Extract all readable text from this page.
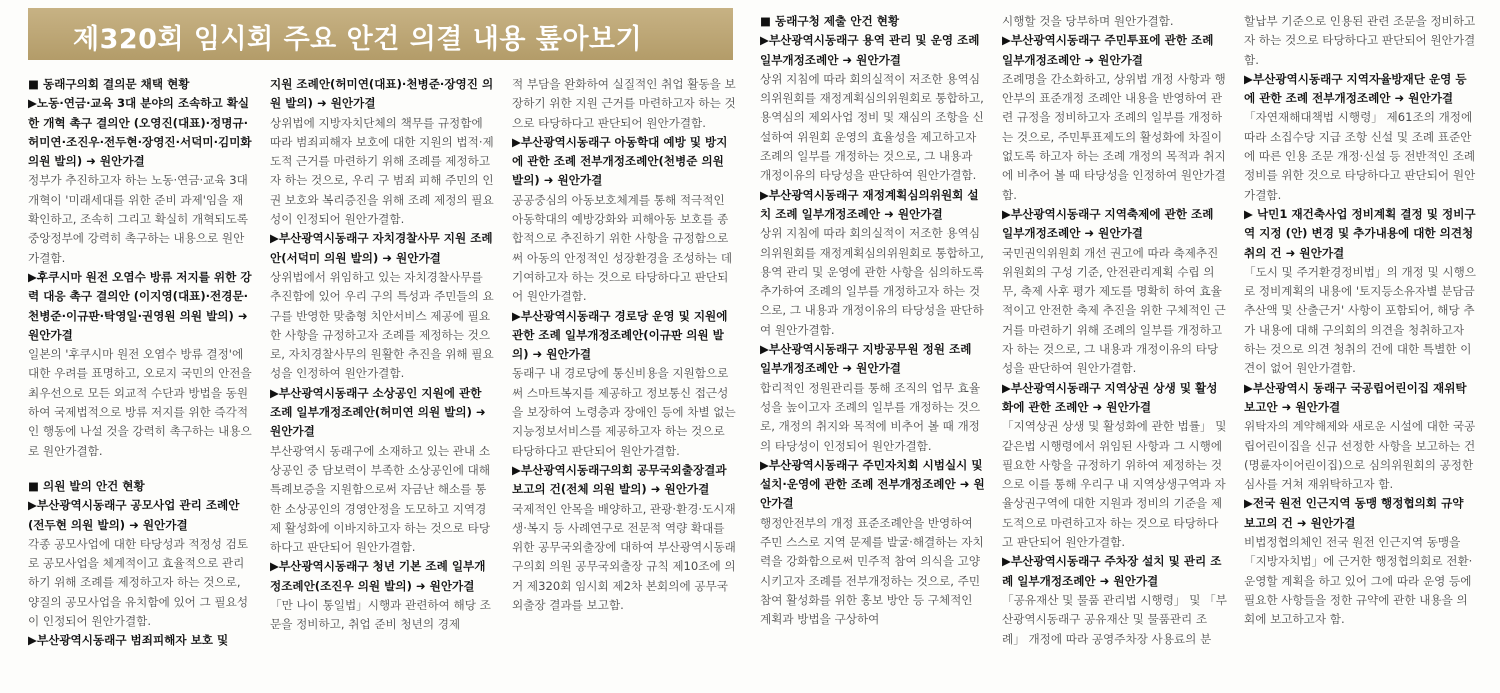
제320회 임시회 주요 안건 의결 내용 톺아보기

■ 동래구의회 결의문 채택 현황

▶노동·연금·교육 3대 분야의 조속하고 확실한 개혁 촉구 결의안 (오영진(대표)·정명규·허미연·조진우·전두현·장영진·서덕미·김미화 의원 발의) ➜ 원안가결

정부가 추진하고자 하는 노동·연금·교육 3대 개혁이 '미래세대를 위한 준비 과제'임을 재확인하고, 조속히 그리고 확실히 개혁되도록 중앙정부에 강력히 촉구하는 내용으로 원안가결함.

▶후쿠시마 원전 오염수 방류 저지를 위한 강력 대응 촉구 결의안 (이지영(대표)·전경문·천병준·이규판·탁영일·권영원 의원 발의) ➜ 원안가결

일본의 '후쿠시마 원전 오염수 방류 결정'에 대한 우려를 표명하고, 오로지 국민의 안전을 최우선으로 모든 외교적 수단과 방법을 동원하여 국제법적으로 방류 저지를 위한 즉각적인 행동에 나설 것을 강력히 촉구하는 내용으로 원안가결함.

■ 의원 발의 안건 현황

▶부산광역시동래구 공모사업 관리 조례안(전두현 의원 발의) ➜ 원안가결

각종 공모사업에 대한 타당성과 적정성 검토로 공모사업을 체계적이고 효율적으로 관리하기 위해 조례를 제정하고자 하는 것으로, 양질의 공모사업을 유치함에 있어 그 필요성이 인정되어 원안가결함.

▶부산광역시동래구 범죄피해자 보호 및

지원 조례안(허미연(대표)·천병준·장영진 의원 발의) ➜ 원안가결

상위법에 지방자치단체의 책무를 규정함에 따라 범죄피해자 보호에 대한 지원의 법적·제도적 근거를 마련하기 위해 조례를 제정하고자 하는 것으로, 우리 구 범죄 피해 주민의 인권 보호와 복리증진을 위해 조례 제정의 필요성이 인정되어 원안가결함.

▶부산광역시동래구 자치경찰사무 지원 조례안(서덕미 의원 발의) ➜ 원안가결

상위법에서 위임하고 있는 자치경찰사무를 추진함에 있어 우리 구의 특성과 주민들의 요구를 반영한 맞춤형 치안서비스 제공에 필요한 사항을 규정하고자 조례를 제정하는 것으로, 자치경찰사무의 원활한 추진을 위해 필요성을 인정하여 원안가결함.

▶부산광역시동래구 소상공인 지원에 관한 조례 일부개정조례안(허미연 의원 발의) ➜ 원안가결

부산광역시 동래구에 소재하고 있는 관내 소상공인 중 담보력이 부족한 소상공인에 대해 특례보증을 지원함으로써 자금난 해소를 통한 소상공인의 경영안정을 도모하고 지역경제 활성화에 이바지하고자 하는 것으로 타당하다고 판단되어 원안가결함.

▶부산광역시동래구 청년 기본 조례 일부개정조례안(조진우 의원 발의) ➜ 원안가결

「만 나이 통일법」시행과 관련하여 해당 조문을 정비하고, 취업 준비 청년의 경제

적 부담을 완화하여 실질적인 취업 활동을 보장하기 위한 지원 근거를 마련하고자 하는 것으로 타당하다고 판단되어 원안가결함.

▶부산광역시동래구 아동학대 예방 및 방지에 관한 조례 전부개정조례안(천병준 의원 발의) ➜ 원안가결

공공중심의 아동보호체계를 통해 적극적인 아동학대의 예방강화와 피해아동 보호를 종합적으로 추진하기 위한 사항을 규정함으로써 아동의 안정적인 성장환경을 조성하는 데 기여하고자 하는 것으로 타당하다고 판단되어 원안가결함.

▶부산광역시동래구 경로당 운영 및 지원에 관한 조례 일부개정조례안(이규판 의원 발의) ➜ 원안가결

동래구 내 경로당에 통신비용을 지원함으로써 스마트복지를 제공하고 정보통신 접근성을 보장하여 노령층과 장애인 등에 차별 없는 지능정보서비스를 제공하고자 하는 것으로 타당하다고 판단되어 원안가결함.

▶부산광역시동래구의회 공무국외출장결과 보고의 건(전체 의원 발의) ➜ 원안가결

국제적인 안목을 배양하고, 관광·환경·도시재생·복지 등 사례연구로 전문적 역량 확대를 위한 공무국외출장에 대하여 부산광역시동래구의회 의원 공무국외출장 규칙 제10조에 의거 제320회 임시회 제2차 본회의에 공무국외출장 결과를 보고함.

■ 동래구청 제출 안건 현황

▶부산광역시동래구 용역 관리 및 운영 조례 일부개정조례안 ➜ 원안가결

상위 지침에 따라 회의실적이 저조한 용역심의위원회를 재정계획심의위원회로 통합하고, 용역심의 제외사업 정비 및 재심의 조항을 신설하여 위원회 운영의 효율성을 제고하고자 조례의 일부를 개정하는 것으로, 그 내용과 개정이유의 타당성을 판단하여 원안가결함.

▶부산광역시동래구 재정계획심의위원회 설치 조례 일부개정조례안 ➜ 원안가결

상위 지침에 따라 회의실적이 저조한 용역심의위원회를 재정계획심의위원회로 통합하고, 용역 관리 및 운영에 관한 사항을 심의하도록 추가하여 조례의 일부를 개정하고자 하는 것으로, 그 내용과 개정이유의 타당성을 판단하여 원안가결함.

▶부산광역시동래구 지방공무원 정원 조례 일부개정조례안 ➜ 원안가결

합리적인 정원관리를 통해 조직의 업무 효율성을 높이고자 조례의 일부를 개정하는 것으로, 개정의 취지와 목적에 비추어 볼 때 개정의 타당성이 인정되어 원안가결함.

▶부산광역시동래구 주민자치회 시범실시 및 설치·운영에 관한 조례 전부개정조례안 ➜ 원안가결

행정안전부의 개정 표준조례안을 반영하여 주민 스스로 지역 문제를 발굴·해결하는 자치력을 강화함으로써 민주적 참여 의식을 고양시키고자 조례를 전부개정하는 것으로, 주민참여 활성화를 위한 홍보 방안 등 구체적인 계획과 방법을 구상하여

시행할 것을 당부하며 원안가결함.

▶부산광역시동래구 주민투표에 관한 조례 일부개정조례안 ➜ 원안가결

조례명을 간소화하고, 상위법 개정 사항과 행안부의 표준개정 조례안 내용을 반영하여 관련 규정을 정비하고자 조례의 일부를 개정하는 것으로, 주민투표제도의 활성화에 차질이 없도록 하고자 하는 조례 개정의 목적과 취지에 비추어 볼 때 타당성을 인정하여 원안가결함.

▶부산광역시동래구 지역축제에 관한 조례 일부개정조례안 ➜ 원안가결

국민권익위원회 개선 권고에 따라 축제추진위원회의 구성 기준, 안전관리계획 수립 의무, 축제 사후 평가 제도를 명확히 하여 효율적이고 안전한 축제 추진을 위한 구체적인 근거를 마련하기 위해 조례의 일부를 개정하고자 하는 것으로, 그 내용과 개정이유의 타당성을 판단하여 원안가결함.

▶부산광역시동래구 지역상권 상생 및 활성화에 관한 조례안 ➜ 원안가결

「지역상권 상생 및 활성화에 관한 법률」 및 같은법 시행령에서 위임된 사항과 그 시행에 필요한 사항을 규정하기 위하여 제정하는 것으로 이를 통해 우리구 내 지역상생구역과 자율상권구역에 대한 지원과 정비의 기준을 제도적으로 마련하고자 하는 것으로 타당하다고 판단되어 원안가결함.

▶부산광역시동래구 주차장 설치 및 관리 조례 일부개정조례안 ➜ 원안가결

「공유재산 및 물품 관리법 시행령」 및 「부산광역시동래구 공유재산 및 물품관리 조례」 개정에 따라 공영주차장 사용료의 분

할납부 기준으로 인용된 관련 조문을 정비하고자 하는 것으로 타당하다고 판단되어 원안가결함.

▶부산광역시동래구 지역자율방재단 운영 등에 관한 조례 전부개정조례안 ➜ 원안가결

「자연재해대책법 시행령」 제61조의 개정에 따라 소집수당 지급 조항 신설 및 조례 표준안에 따른 인용 조문 개정·신설 등 전반적인 조례 정비를 위한 것으로 타당하다고 판단되어 원안가결함.

▶ 낙민1 재건축사업 정비계획 결정 및 정비구역 지정 (안) 변경 및 추가내용에 대한 의견청취의 건 ➜ 원안가결

「도시 및 주거환경정비법」의 개정 및 시행으로 정비계획의 내용에 '토지등소유자별 분담금 추산액 및 산출근거' 사항이 포함되어, 해당 추가 내용에 대해 구의회의 의견을 청취하고자 하는 것으로 의견 청취의 건에 대한 특별한 이견이 없어 원안가결함.

▶부산광역시 동래구 국공립어린이집 재위탁 보고안 ➜ 원안가결

위탁자의 계약해제와 새로운 시설에 대한 국공립어린이집을 신규 선정한 사항을 보고하는 건(명륜자이어린이집)으로 심의위원회의 공정한 심사를 거쳐 재위탁하고자 함.

▶전국 원전 인근지역 동맹 행정협의회 규약 보고의 건 ➜ 원안가결

비법정협의체인 전국 원전 인근지역 동맹을 「지방자치법」에 근거한 행정협의회로 전환·운영할 계획을 하고 있어 그에 따라 운영 등에 필요한 사항들을 정한 규약에 관한 내용을 의회에 보고하고자 함.
